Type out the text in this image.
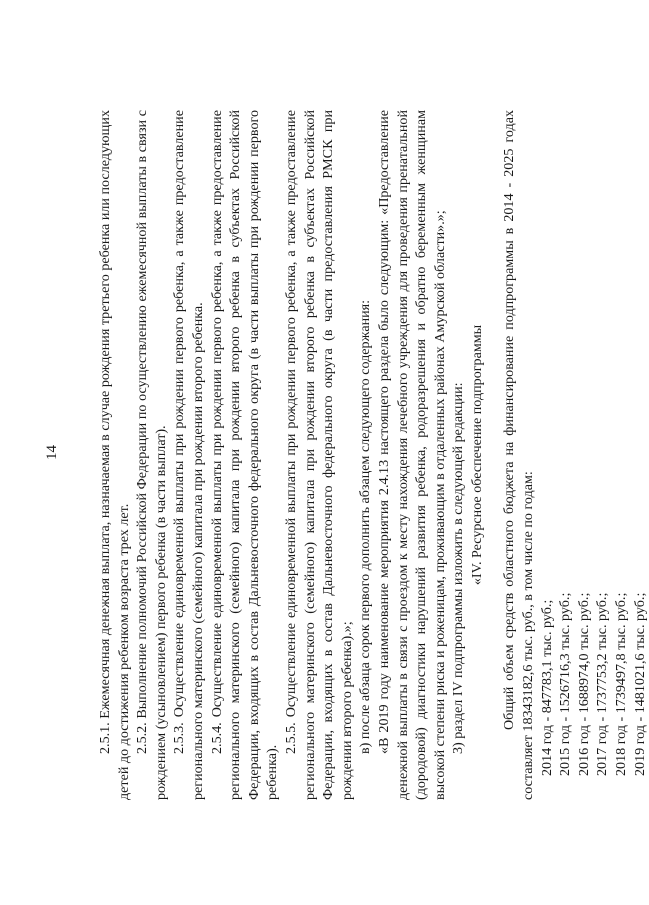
14	2.5.1. Ежемесячная денежная выплата, назначаемая в случае рождения третьего ребенка или последующих детей до достижения ребенком возраста трех лет. 2.5.2. Выполнение полномочий Российской Федерации по осуществлению ежемесячной выплаты в связи с рождением (усыновлением) первого ребенка (в части выплат). 2.5.3. Осуществление единовременной выплаты при рождении первого ребенка, а также предоставление регионального материнского (семейного) капитала при рождении второго ребенка. 2.5.4. Осуществление единовременной выплаты при рождении первого ребенка, а также предоставление регионального материнского (семейного) капитала при рождении второго ребенка в субъектах Российской Федерации, входящих в состав Дальневосточного федерального округа (в части выплаты при рождении первого ребенка).

2.5.5. Осуществление единовременной выплаты при рождении первого ребенка, а также предоставление регионального материнского (семейного) капитала при рождении второго ребенка в субъектах Российской Федерации, входящих в состав Дальневосточного федерального округа (в части предоставления РМСК при рождении второго ребенка).»; в) после абзаца сорок первого дополнить абзацем следующего содержания: «В 2019 году наименование мероприятия 2.4.13 настоящего раздела было следующим: «Предоставление денежной выплаты в связи с проездом к месту нахождения лечебного учреждения для проведения пренатальной (дородовой) диагностики нарушений развития ребенка, родоразрешения и обратно беременным женщинам высокой степени риска и роженицам, проживающим в отдаленных районах Амурской области».»; 3) раздел IV подпрограммы изложить в следующей редакции: «IV. Ресурсное обеспечение подпрограммы Общий объем средств областного бюджета на финансирование подпрограммы в 2014 - 2025 годах составляет 18343182,6 тыс. руб., в том числе по годам: 2014 год - 847783,1 тыс. руб.; 2015 год - 1526716,3 тыс. руб.; 2016 год - 1688974,0 тыс. руб.; 2017 год - 1737753,2 тыс. руб.; 2018 год - 1739497,8 тыс. руб.; 2019 год - 1481021,6 тыс. руб.;
